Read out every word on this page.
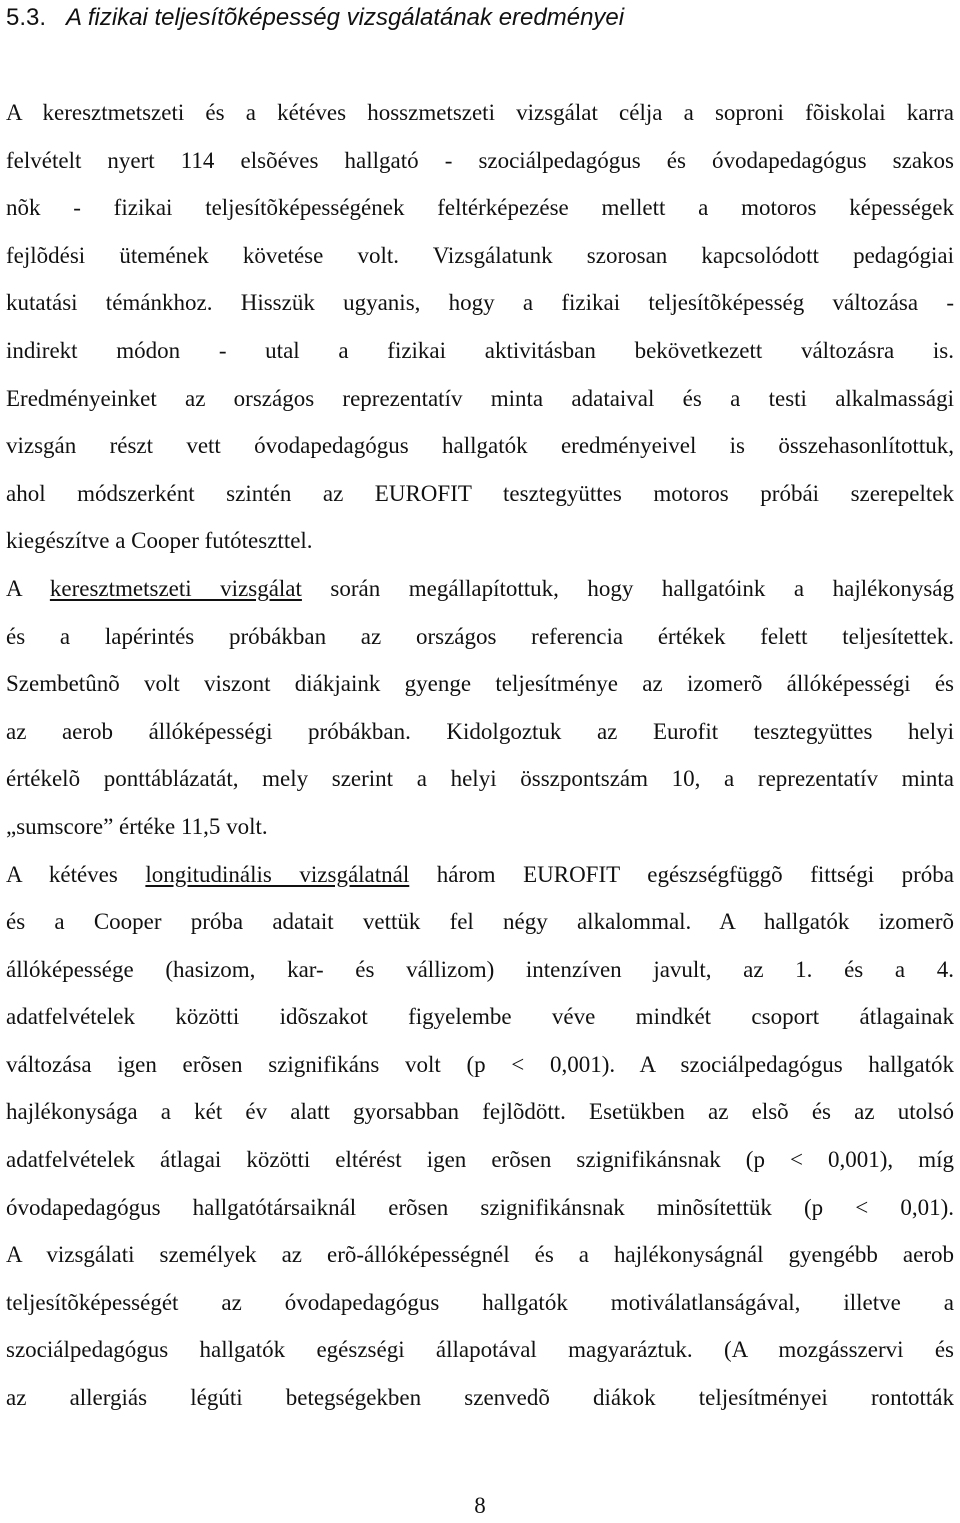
5.3. A fizikai teljesítõképesség vizsgálatának eredményei
A keresztmetszeti és a kétéves hosszmetszeti vizsgálat célja a soproni fõiskolai karra
felvételt nyert 114 elsõéves hallgató - szociálpedagógus és óvodapedagógus szakos
nõk - fizikai teljesítõképességének feltérképezése mellett a motoros képességek
fejlõdési ütemének követése volt. Vizsgálatunk szorosan kapcsolódott pedagógiai
kutatási témánkhoz. Hisszük ugyanis, hogy a fizikai teljesítõképesség változása -
indirekt módon - utal a fizikai aktivitásban bekövetkezett változásra is.
Eredményeinket az országos reprezentatív minta adataival és a testi alkalmassági
vizsgán részt vett óvodapedagógus hallgatók eredményeivel is összehasonlítottuk,
ahol módszerként szintén az EUROFIT tesztegyüttes motoros próbái szerepeltek
kiegészítve a Cooper futóteszttel.
A keresztmetszeti vizsgálat során megállapítottuk, hogy hallgatóink a hajlékonyság
és a lapérintés próbákban az országos referencia értékek felett teljesítettek.
Szembetûnõ volt viszont diákjaink gyenge teljesítménye az izomerõ állóképességi és
az aerob állóképességi próbákban. Kidolgoztuk az Eurofit tesztegyüttes helyi
értékelõ ponttáblázatát, mely szerint a helyi összpontszám 10, a reprezentatív minta
„sumscore” értéke 11,5 volt.
A kétéves longitudinális vizsgálatnál három EUROFIT egészségfüggõ fittségi próba
és a Cooper próba adatait vettük fel négy alkalommal. A hallgatók izomerõ
állóképessége (hasizom, kar- és vállizom) intenzíven javult, az 1. és a 4.
adatfelvételek közötti idõszakot figyelembe véve mindkét csoport átlagainak
változása igen erõsen szignifikáns volt (p < 0,001). A szociálpedagógus hallgatók
hajlékonysága a két év alatt gyorsabban fejlõdött. Esetükben az elsõ és az utolsó
adatfelvételek átlagai közötti eltérést igen erõsen szignifikánsnak (p < 0,001), míg
óvodapedagógus hallgatótársaiknál erõsen szignifikánsnak minõsítettük (p < 0,01).
A vizsgálati személyek az erõ-állóképességnél és a hajlékonyságnál gyengébb aerob
teljesítõképességét az óvodapedagógus hallgatók motiválatlanságával, illetve a
szociálpedagógus hallgatók egészségi állapotával magyaráztuk. (A mozgásszervi és
az allergiás légúti betegségekben szenvedõ diákok teljesítményei rontották
8
